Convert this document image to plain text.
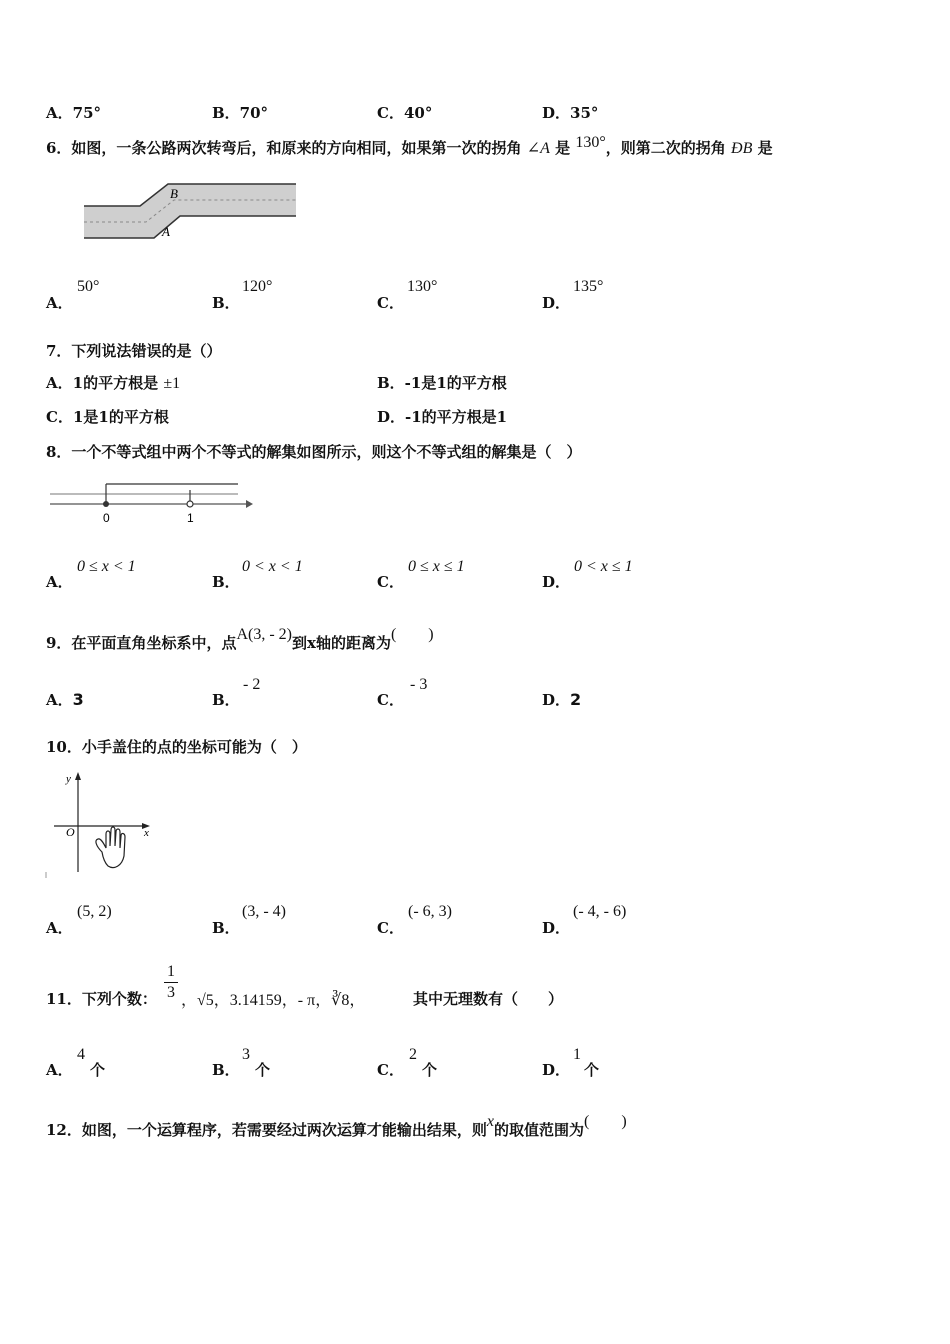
A．75°	B．70°	C．40°	D．35°
6．如图，一条公路两次转弯后，和原来的方向相同，如果第一次的拐角 ∠A 是 130°，则第二次的拐角 ÐB 是
B
A
A．
50°
B．
120°
C．
130°
D．
135°
7．下列说法错误的是（）
A．1的平方根是 ±1	B．-1是1的平方根
C．1是1的平方根	D．-1的平方根是1
8．一个不等式组中两个不等式的解集如图所示，则这个不等式组的解集是（　）
0	1
A．
0 ≤ x < 1
B．
0 < x < 1
C．
0 ≤ x ≤ 1
D．
0 < x ≤ 1
9．在平面直角坐标系中，点A(3, - 2)到x轴的距离为(　　)
A．3	B．
- 2
C．
- 3
D．2
10．小手盖住的点的坐标可能为（　）
y
x
O
A．
(5, 2)
B．
(3, - 4)
C．
(- 6, 3)
D．
(- 4, - 6)
11．下列个数：
1
3 ，√5，3.14159，- π，∛8，	其中无理数有（　　）
A．
4
个	B．
3
个	C．
2
个	D．
1
个
12．如图，一个运算程序，若需要经过两次运算才能输出结果，则x的取值范围为(　　)
